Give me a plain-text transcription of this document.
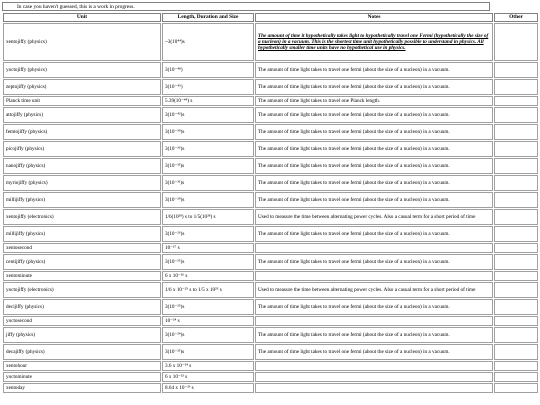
In case you haven't guessed, this is a work in progress.
Unit	Length, Duration and Size	Notes	Other
xentojiffy (physics)	~3(10⁴⁴)s	The amount of time it hypothetically takes light to hypothetically travel one Fermi (hypothetically the size of a nucleon) in a vacuum. This is the shortest time unit hypothetically possible to understand in physics. All hypothetically smaller time units have no hypothetical use in physics.	
yoctojiffy (physics)	3(10⁻⁴⁸)	The amount of time light takes to travel one fermi (about the size of a nucleon) in a vacuum.	
zeptojiffy (physics)	3(10⁻⁴⁵)	The amount of time light takes to travel one fermi (about the size of a nucleon) in a vacuum.	
Planck time unit	5.39(10⁻⁴⁴) s	The amount of time light takes to travel one Planck length.	
attojiffy (physics)	3(10⁻⁴²)s	The amount of time light takes to travel one fermi (about the size of a nucleon) in a vacuum.	
femtojiffy (physics)	3(10⁻³⁹)s	The amount of time light takes to travel one fermi (about the size of a nucleon) in a vacuum.	
picojiffy (physics)	3(10⁻³⁶)s	The amount of time light takes to travel one fermi (about the size of a nucleon) in a vacuum.	
nanojiffy (physics)	3(10⁻³³)s	The amount of time light takes to travel one fermi (about the size of a nucleon) in a vacuum.	
myriojiffy (physics)	3(10⁻³¹)s	The amount of time light takes to travel one fermi (about the size of a nucleon) in a vacuum.	
millijiffy (physics)	3(10⁻²⁹)s	The amount of time light takes to travel one fermi (about the size of a nucleon) in a vacuum.	
xentojiffy (electronics)	1/6(10²⁸) s to 1/5(10²⁸) s	Used to measure the time between alternating power cycles. Also a casual term for a short period of time	
millijiffy (physics)	3(10⁻²⁶)s	The amount of time light takes to travel one fermi (about the size of a nucleon) in a vacuum.	
xentosecond	10⁻²⁷ s		
centijiffy (physics)	3(10⁻²⁵)s	The amount of time light takes to travel one fermi (about the size of a nucleon) in a vacuum.	
xentominute	6 x 10⁻²⁶ s		
yoctojiffy (electronics)	1/6 x 10⁻²⁵ s to 1/5 x 10²⁵ s	Used to measure the time between alternating power cycles. Also a casual term for a short period of time	
decijiffy (physics)	3(10⁻²⁵)s	The amount of time light takes to travel one fermi (about the size of a nucleon) in a vacuum.	
yoctosecond	10⁻²⁴ s		
jiffy (physics)	3(10⁻²⁴)s	The amount of time light takes to travel one fermi (about the size of a nucleon) in a vacuum.	
decajiffy (physics)	3(10⁻²³)s	The amount of time light takes to travel one fermi (about the size of a nucleon) in a vacuum.	
xentohour	3.6 x 10⁻²⁴ s		
yoctominute	6 x 10⁻²³ s		
xentoday	8.64 x 10⁻²³ s		
